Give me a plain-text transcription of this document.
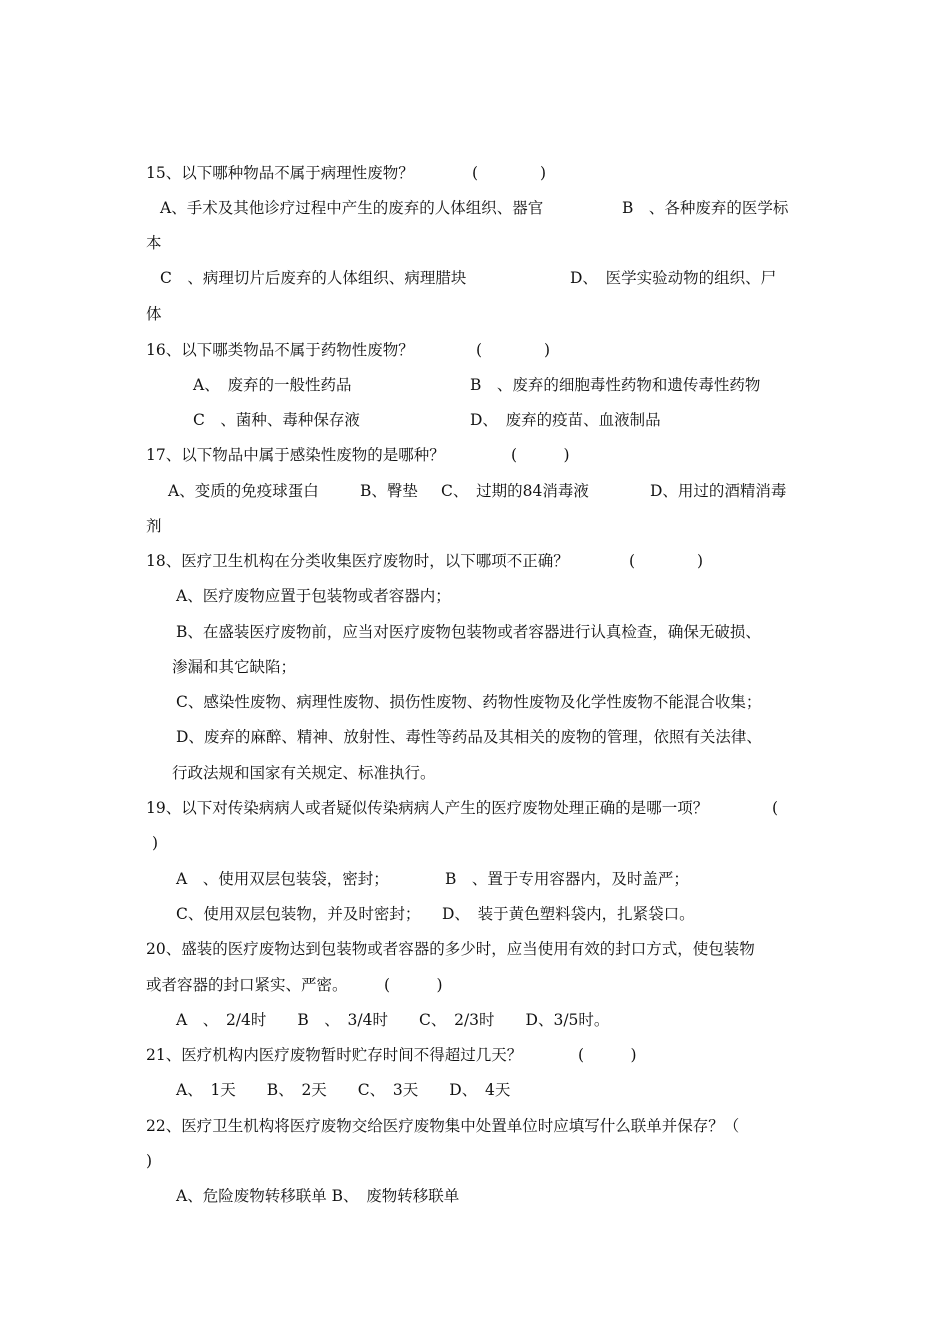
15、以下哪种物品不属于病理性废物？	(　　　　)
A、手术及其他诊疗过程中产生的废弃的人体组织、器官	B　、各种废弃的医学标
本
C　、病理切片后废弃的人体组织、病理腊块	D、　医学实验动物的组织、尸
体
16、以下哪类物品不属于药物性废物？	(　　　　)
A、　废弃的一般性药品	B　、废弃的细胞毒性药物和遗传毒性药物
C　、菌种、毒种保存液	D、　废弃的疫苗、血液制品
17、以下物品中属于感染性废物的是哪种？	(　　　)
A、变质的免疫球蛋白	B、臀垫 C、　过期的84消毒液	D、用过的酒精消毒
剂
18、医疗卫生机构在分类收集医疗废物时，以下哪项不正确？	(　　　　)
A、医疗废物应置于包装物或者容器内；
B、在盛装医疗废物前，应当对医疗废物包装物或者容器进行认真检查，确保无破损、
渗漏和其它缺陷；
C、感染性废物、病理性废物、损伤性废物、药物性废物及化学性废物不能混合收集；
D、废弃的麻醉、精神、放射性、毒性等药品及其相关的废物的管理，依照有关法律、
行政法规和国家有关规定、标准执行。
19、以下对传染病病人或者疑似传染病病人产生的医疗废物处理正确的是哪一项？	(
)
A　、使用双层包装袋，密封；	B　、置于专用容器内，及时盖严；
C、使用双层包装物，并及时密封； D、　装于黄色塑料袋内，扎紧袋口。
20、盛装的医疗废物达到包装物或者容器的多少时，应当使用有效的封口方式，使包装物
或者容器的封口紧实、严密。 (　　　)
A　、　2/4时　　B　、　3/4时　　C、　2/3时　　D、3/5时。
21、医疗机构内医疗废物暂时贮存时间不得超过几天？	(　　　)
A、　1天　　B、　2天　　C、　3天　　D、　4天
22、医疗卫生机构将医疗废物交给医疗废物集中处置单位时应填写什么联单并保存？（
)
A、危险废物转移联单 B、　废物转移联单
